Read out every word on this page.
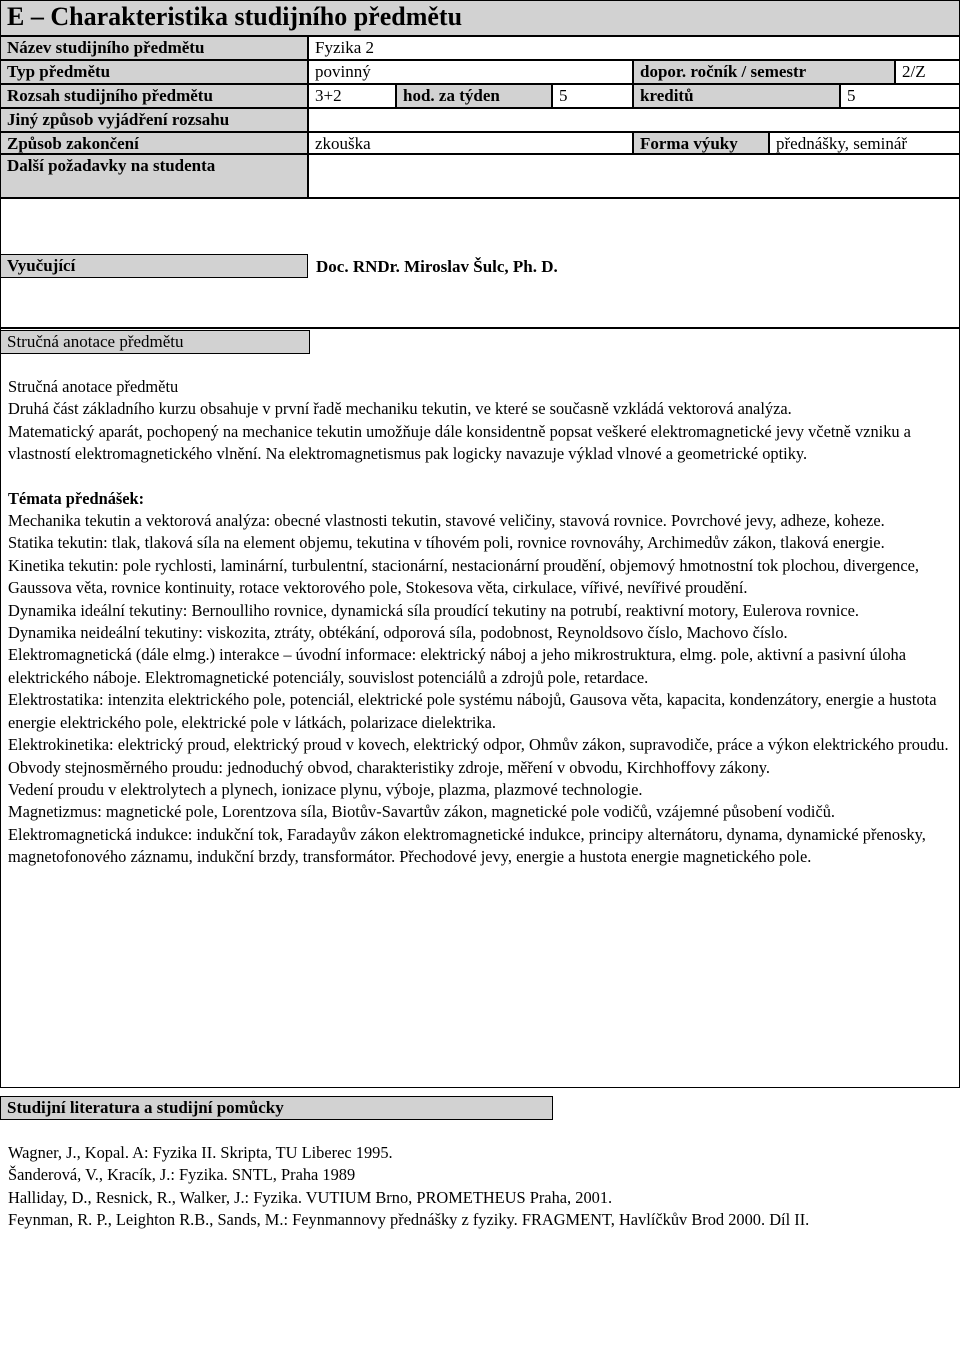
E – Charakteristika studijního předmětu
Název studijního předmětu	Fyzika 2
Typ předmětu	povinný	dopor. ročník / semestr	2/Z
Rozsah studijního předmětu	3+2	hod. za týden	5	kreditů	5
Jiný způsob vyjádření rozsahu
Způsob zakončení	zkouška	Forma výuky	přednášky, seminář
Další požadavky na studenta
Vyučující	Doc. RNDr. Miroslav Šulc, Ph. D.
Stručná anotace předmětu

Stručná anotace předmětu

Druhá část základního kurzu obsahuje v první řadě mechaniku tekutin, ve které se současně vzkládá vektorová analýza.

Matematický aparát, pochopený na mechanice tekutin umožňuje dále konsidentně popsat veškeré elektromagnetické jevy včetně vzniku a vlastností elektromagnetického vlnění. Na elektromagnetismus pak logicky navazuje výklad vlnové a geometrické optiky.

Témata přednášek:

Mechanika tekutin a vektorová analýza: obecné vlastnosti tekutin, stavové veličiny, stavová rovnice. Povrchové jevy, adheze, koheze.

Statika tekutin: tlak, tlaková síla na element objemu, tekutina v tíhovém poli, rovnice rovnováhy, Archimedův zákon, tlaková energie.

Kinetika tekutin: pole rychlosti, laminární, turbulentní, stacionární, nestacionární proudění, objemový hmotnostní tok plochou, divergence, Gaussova věta, rovnice kontinuity, rotace vektorového pole, Stokesova věta, cirkulace, vířivé, nevířivé proudění.

Dynamika ideální tekutiny: Bernoulliho rovnice, dynamická síla proudící tekutiny na potrubí, reaktivní motory, Eulerova rovnice.

Dynamika neideální tekutiny: viskozita, ztráty, obtékání, odporová síla, podobnost, Reynoldsovo číslo, Machovo číslo.

Elektromagnetická (dále elmg.) interakce – úvodní informace: elektrický náboj a jeho mikrostruktura, elmg. pole, aktivní a pasivní úloha elektrického náboje. Elektromagnetické potenciály, souvislost potenciálů a zdrojů pole, retardace.

Elektrostatika: intenzita elektrického pole, potenciál, elektrické pole systému nábojů, Gausova věta, kapacita, kondenzátory, energie a hustota energie elektrického pole, elektrické pole v látkách, polarizace dielektrika.

Elektrokinetika: elektrický proud, elektrický proud v kovech, elektrický odpor, Ohmův zákon, supravodiče, práce a výkon elektrického proudu.

Obvody stejnosměrného proudu: jednoduchý obvod, charakteristiky zdroje, měření v obvodu, Kirchhoffovy zákony.

Vedení proudu v elektrolytech a plynech, ionizace plynu, výboje, plazma, plazmové technologie.

Magnetizmus: magnetické pole, Lorentzova síla, Biotův-Savartův zákon, magnetické pole vodičů, vzájemné působení vodičů.

Elektromagnetická indukce: indukční tok, Faradayův zákon elektromagnetické indukce, principy alternátoru, dynama, dynamické přenosky, magnetofonového záznamu, indukční brzdy, transformátor. Přechodové jevy, energie a hustota energie magnetického pole.

Studijní literatura a studijní pomůcky

Wagner, J., Kopal. A: Fyzika II. Skripta, TU Liberec 1995.

Šanderová, V., Kracík, J.: Fyzika. SNTL, Praha 1989

Halliday, D., Resnick, R., Walker, J.: Fyzika. VUTIUM Brno, PROMETHEUS Praha, 2001.

Feynman, R. P., Leighton R.B., Sands, M.: Feynmannovy přednášky z fyziky. FRAGMENT, Havlíčkův Brod 2000. Díl II.
